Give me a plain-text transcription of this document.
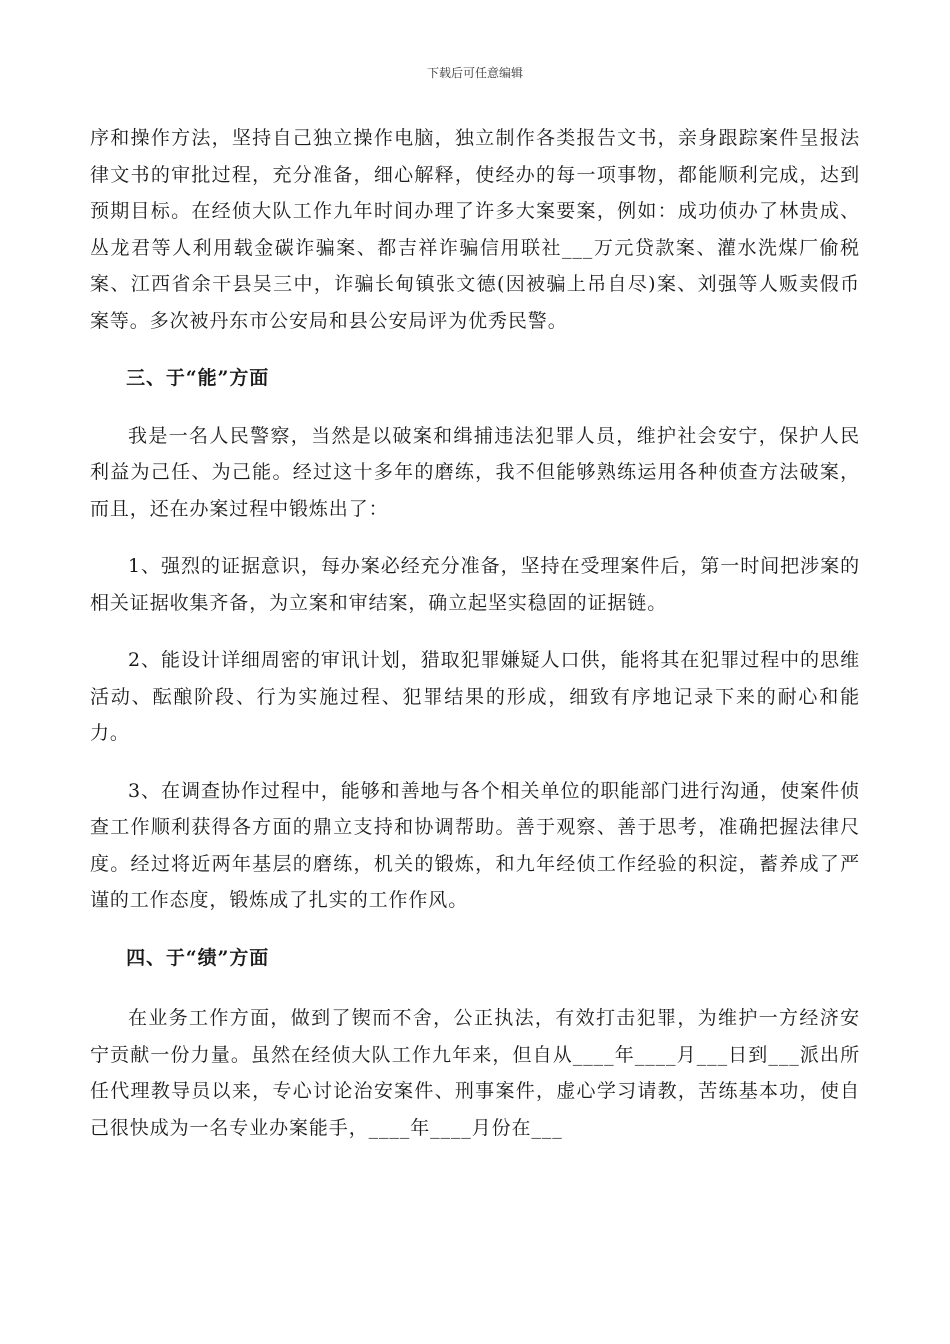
下载后可任意编辑

序和操作方法，坚持自己独立操作电脑，独立制作各类报告文书，亲身跟踪案件呈报法律文书的审批过程，充分准备，细心解释，使经办的每一项事物，都能顺利完成，达到预期目标。在经侦大队工作九年时间办理了许多大案要案，例如：成功侦办了林贵成、丛龙君等人利用载金碳诈骗案、都吉祥诈骗信用联社___万元贷款案、灌水洗煤厂偷税案、江西省余干县吴三中，诈骗长甸镇张文德(因被骗上吊自尽)案、刘强等人贩卖假币案等。多次被丹东市公安局和县公安局评为优秀民警。

三、于“能”方面

我是一名人民警察，当然是以破案和缉捕违法犯罪人员，维护社会安宁，保护人民利益为己任、为己能。经过这十多年的磨练，我不但能够熟练运用各种侦查方法破案，而且，还在办案过程中锻炼出了：

1、强烈的证据意识，每办案必经充分准备，坚持在受理案件后，第一时间把涉案的相关证据收集齐备，为立案和审结案，确立起坚实稳固的证据链。

2、能设计详细周密的审讯计划，猎取犯罪嫌疑人口供，能将其在犯罪过程中的思维活动、酝酿阶段、行为实施过程、犯罪结果的形成，细致有序地记录下来的耐心和能力。

3、在调查协作过程中，能够和善地与各个相关单位的职能部门进行沟通，使案件侦查工作顺利获得各方面的鼎立支持和协调帮助。善于观察、善于思考，准确把握法律尺度。经过将近两年基层的磨练，机关的锻炼，和九年经侦工作经验的积淀，蓄养成了严谨的工作态度，锻炼成了扎实的工作作风。

四、于“绩”方面

在业务工作方面，做到了锲而不舍，公正执法，有效打击犯罪，为维护一方经济安宁贡献一份力量。虽然在经侦大队工作九年来，但自从____年____月___日到___派出所任代理教导员以来，专心讨论治安案件、刑事案件，虚心学习请教，苦练基本功，使自己很快成为一名专业办案能手，____年____月份在___
